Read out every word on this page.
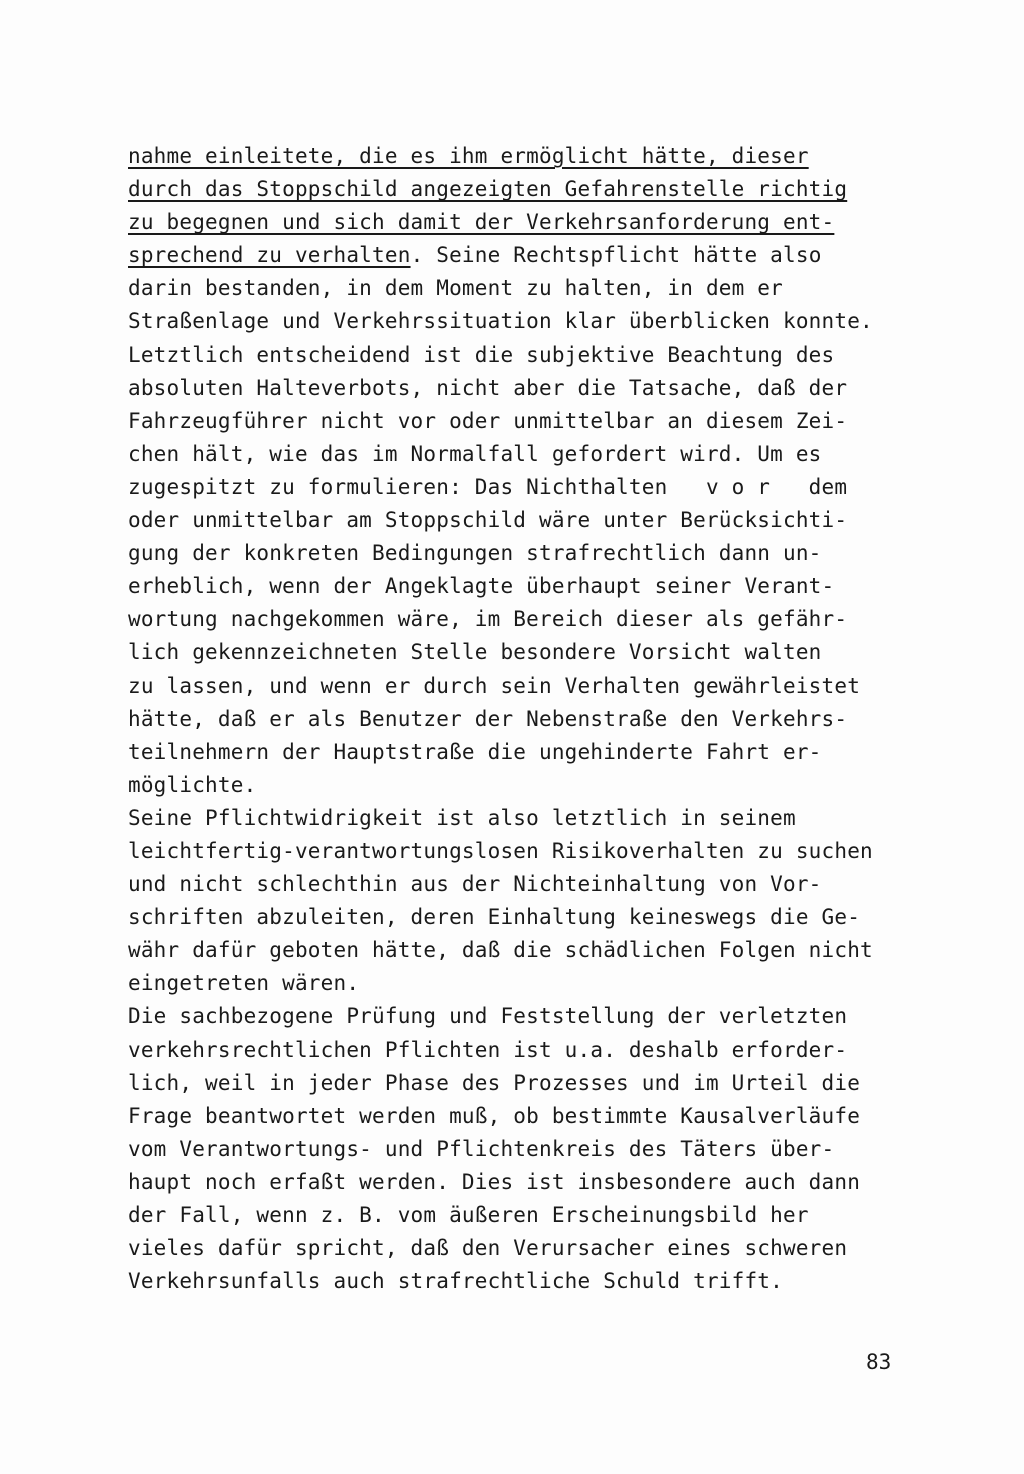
nahme einleitete, die es ihm ermöglicht hätte, dieser
durch das Stoppschild angezeigten Gefahrenstelle richtig
zu begegnen und sich damit der Verkehrsanforderung ent-
sprechend zu verhalten. Seine Rechtspflicht hätte also
darin bestanden, in dem Moment zu halten, in dem er
Straßenlage und Verkehrssituation klar überblicken konnte.
Letztlich entscheidend ist die subjektive Beachtung des
absoluten Halteverbots, nicht aber die Tatsache, daß der
Fahrzeugführer nicht vor oder unmittelbar an diesem Zei-
chen hält, wie das im Normalfall gefordert wird. Um es
zugespitzt zu formulieren: Das Nichthalten   v o r   dem
oder unmittelbar am Stoppschild wäre unter Berücksichti-
gung der konkreten Bedingungen strafrechtlich dann un-
erheblich, wenn der Angeklagte überhaupt seiner Verant-
wortung nachgekommen wäre, im Bereich dieser als gefähr-
lich gekennzeichneten Stelle besondere Vorsicht walten
zu lassen, und wenn er durch sein Verhalten gewährleistet
hätte, daß er als Benutzer der Nebenstraße den Verkehrs-
teilnehmern der Hauptstraße die ungehinderte Fahrt er-
möglichte.
Seine Pflichtwidrigkeit ist also letztlich in seinem
leichtfertig-verantwortungslosen Risikoverhalten zu suchen
und nicht schlechthin aus der Nichteinhaltung von Vor-
schriften abzuleiten, deren Einhaltung keineswegs die Ge-
währ dafür geboten hätte, daß die schädlichen Folgen nicht
eingetreten wären.
Die sachbezogene Prüfung und Feststellung der verletzten
verkehrsrechtlichen Pflichten ist u.a. deshalb erforder-
lich, weil in jeder Phase des Prozesses und im Urteil die
Frage beantwortet werden muß, ob bestimmte Kausalverläufe
vom Verantwortungs- und Pflichtenkreis des Täters über-
haupt noch erfaßt werden. Dies ist insbesondere auch dann
der Fall, wenn z. B. vom äußeren Erscheinungsbild her
vieles dafür spricht, daß den Verursacher eines schweren
Verkehrsunfalls auch strafrechtliche Schuld trifft.
83
